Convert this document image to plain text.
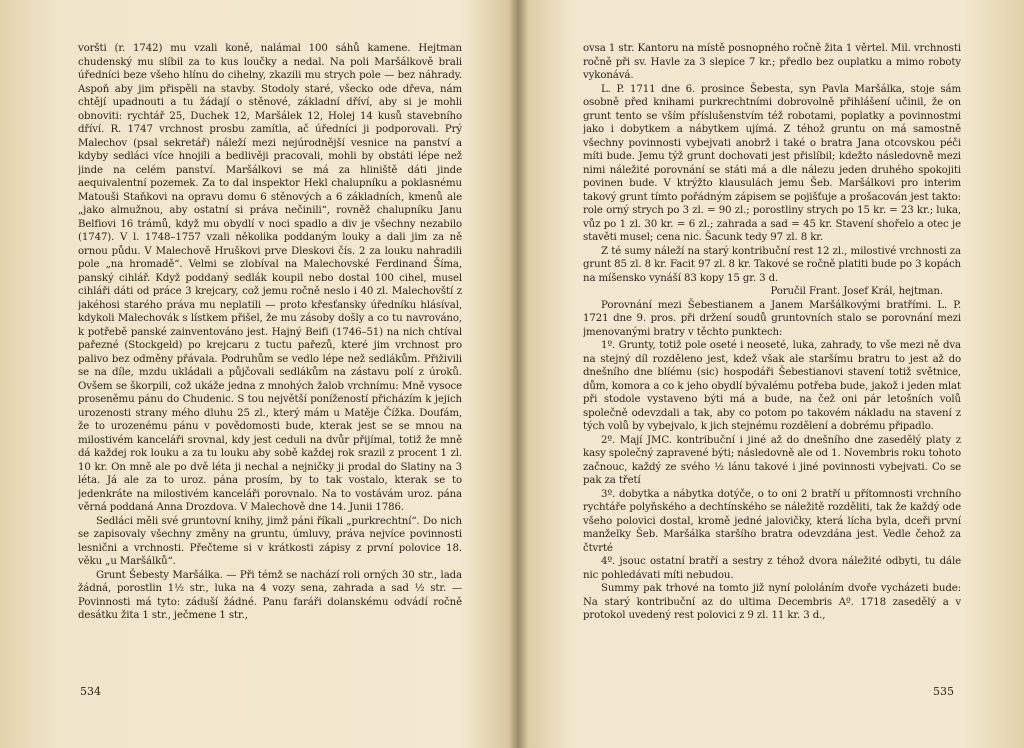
voršti (r. 1742) mu vzali koně, nalámal 100 sáhů kamene. Hejtman chudenský mu slíbil za to kus loučky a nedal. Na poli Maršálkově brali úředníci beze všeho hlínu do cihelny, zkazili mu strych pole — bez náhrady. Aspoň aby jim přispěli na stavby. Stodoly staré, všecko ode dřeva, nám chtějí upadnouti a tu žádají o stěnové, základní dříví, aby si je mohli obnoviti: rychtář 25, Duchek 12, Maršálek 12, Holej 14 kusů stavebního dříví. R. 1747 vrchnost prosbu zamítla, ač úředníci ji podporovali. Prý Malechov (psal sekretář) náleží mezi nejúrodnější vesnice na panství a kdyby sedláci více hnojili a bedlivěji pracovali, mohli by obstáti lépe než jinde na celém panství. Maršálkovi se má za hliniště dáti jinde aequivalentní pozemek. Za to dal inspektor Hekl chalupníku a poklasnému Matouši Staňkovi na opravu domu 6 stěnových a 6 základních, kmenů ale „jako almužnou, aby ostatní si práva nečinili“, rovněž chalupníku Janu Belfiovi 16 trámů, když mu obydlí v noci spadlo a div je všechny nezabilo (1747). V l. 1748–1757 vzali několika poddaným louky a dali jim za ně ornou půdu. V Malechově Hruškovi prve Dleskovi čís. 2 za louku nahradili pole „na hromadě“. Velmi se zlobíval na Malechovské Ferdinand Šíma, panský cihlář. Když poddaný sedlák koupil nebo dostal 100 cihel, musel cihláři dáti od práce 3 krejcary, což jemu ročně neslo i 40 zl. Malechovští z jakéhosi starého práva mu neplatili — proto křesťansky úředníku hlásíval, kdykoli Malechovák s lístkem přišel, že mu zásoby došly a co tu navrováno, k potřebě panské zainventováno jest. Hajný Beifi (1746–51) na nich chtíval pařezné (Stockgeld) po krejcaru z tuctu pařezů, které jim vrchnost pro palivo bez odměny přávala. Podruhům se vedlo lépe než sedlákům. Přiživili se na díle, mzdu ukládali a půjčovali sedlákům na zástavu polí z úroků. Ovšem se škorpili, což ukáže jedna z mnohých žalob vrchnímu: Mně vysoce proseněmu pánu do Chudenic. S tou největší ponížeností přicházím k jejich urozenosti strany mého dluhu 25 zl., který mám u Matěje Čížka. Doufám, že to urozenému pánu v povědomosti bude, kterak jest se se mnou na milostivém kanceláři srovnal, kdy jest ceduli na dvůr přijímal, totiž že mně dá každej rok louku a za tu louku aby sobě každej rok srazil z procent 1 zl. 10 kr. On mně ale po dvě léta ji nechal a nejničky ji prodal do Slatiny na 3 léta. Já ale za to uroz. pána prosím, by to tak vostalo, kterak se to jedenkráte na milostivém kanceláři porovnalo. Na to vostávám uroz. pána věrná poddaná Anna Drozdova. V Malechově dne 14. Junii 1786.

Sedláci měli své gruntovní knihy, jimž páni říkali „purkrechtní“. Do nich se zapisovaly všechny změny na gruntu, úmluvy, práva nejvíce povinnosti lesnični a vrchnosti. Přečteme si v krátkosti zápisy z první polovice 18. věku „u Maršálků“.

Grunt Šebesty Maršálka. — Při témž se nachází roli orných 30 str., lada žádná, porostlin 1½ str., luka na 4 vozy sena, zahrada a sad ½ str. — Povinnosti má tyto: záduší žádné. Panu faráři dolanskému odvádí ročně desátku žita 1 str., ječmene 1 str.,

534

ovsa 1 str. Kantoru na místě posnopného ročně žita 1 věrtel. Mil. vrchnosti ročně při sv. Havle za 3 slepice 7 kr.; předlo bez ouplatku a mimo roboty vykonává.

L. P. 1711 dne 6. prosince Šebesta, syn Pavla Maršálka, stoje sám osobně před knihami purkrechtními dobrovolně přihlášení učinil, že on grunt tento se vším příslušenstvím též robotami, poplatky a povinnostmi jako i dobytkem a nábytkem ujímá. Z téhož gruntu on má samostně všechny povinnosti vybejvati anobrž i také o bratra Jana otcovskou péči míti bude. Jemu týž grunt dochovati jest přislíbil; kdežto následovně mezi nimi náležité porovnání se státi má a dle nálezu jeden druhého spokojiti povinen bude. V ktrýžto klausulách jemu Šeb. Maršálkovi pro interim takový grunt tímto pořádným zápisem se pojišťuje a prošacován jest takto: role orný strych po 3 zl. = 90 zl.; porostliny strych po 15 kr. = 23 kr.; luka, vůz po 1 zl. 30 kr. = 6 zl.; zahrada a sad = 45 kr. Stavení shořelo a otec je stavěti musel; cena nic. Šacunk tedy 97 zl. 8 kr.

Z té sumy náleží na starý kontribuční rest 12 zl., milostivé vrchnosti za grunt 85 zl. 8 kr. Facit 97 zl. 8 kr. Takové se ročně platiti bude po 3 kopách na míšensko vynáší 83 kopy 15 gr. 3 d.

Poručil Frant. Josef Král, hejtman.

Porovnání mezi Šebestianem a Janem Maršálkovými bratřími. L. P. 1721 dne 9. pros. při držení soudů gruntovních stalo se porovnání mezi jmenovanými bratry v těchto punktech:

1º. Grunty, totiž pole oseté i neoseté, luka, zahrady, to vše mezi ně dva na stejný díl rozdělenо jest, kdež však ale staršímu bratru to jest až do dnešního dne blíému (sic) hospodáři Šebestianovi stavení totiž světnice, dům, komora a co k jeho obydlí bývalému potřeba bude, jakož i jeden mlat při stodole vystaveno býti má a bude, na čež oni pár letošních volů společně odevzdali a tak, aby co potom po takovém nákladu na stavení z tých volů by vybejvalo, k jich stejnému rozdělení a dobrému připadlo.

2º. Mají JMC. kontribuční i jiné až do dnešního dne zasedělý platy z kasy společný zapravené býti; následovně ale od 1. Novembris roku tohoto začnouc, každý ze svého ½ lánu takové i jiné povinnosti vybejvati. Co se pak za třetí

3º. dobytka a nábytka dotýče, o to oni 2 bratří u přítomnosti vrchního rychtáře polyňského a dechtínského se náležitě rozděliti, tak že každý ode všeho polovici dostal, kromě jedné jalovičky, která lícha byla, dceři první manželky Šeb. Maršálka staršího bratra odevzdána jest. Vedle čehož za čtvrté

4º. jsouc ostatní bratří a sestry z téhož dvora náležité odbyti, tu dále nic pohledávati míti nebudou.

Summy pak trhové na tomto již nyní pololáním dvoře vycházeti bude: Na starý kontribuční az do ultima Decembris Aº. 1718 zasedělý a v protokol uvedený rest polovici z 9 zl. 11 kr. 3 d.,

535
